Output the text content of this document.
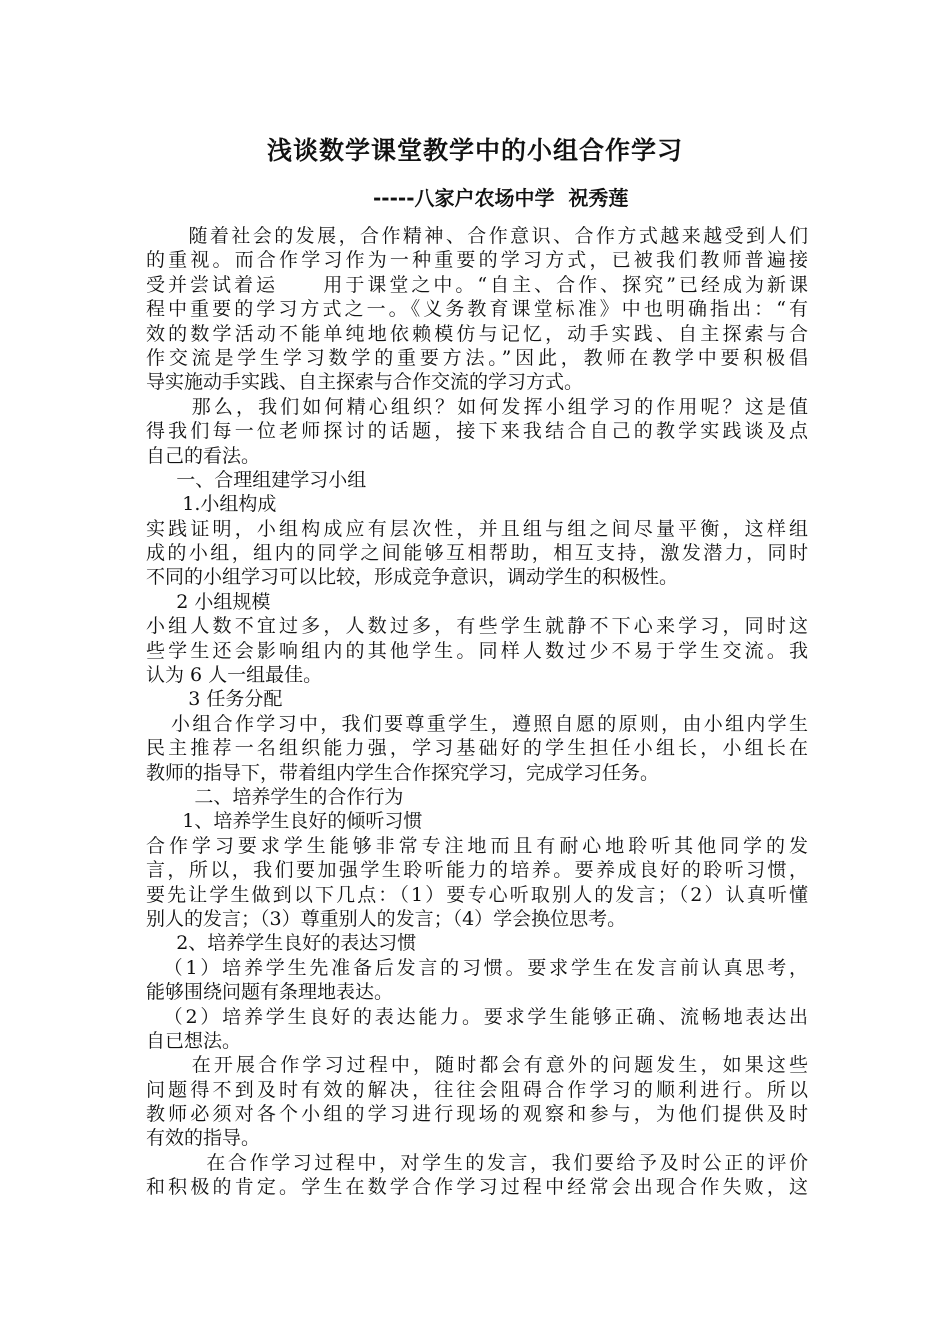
浅谈数学课堂教学中的小组合作学习
-----八家户农场中学  祝秀莲
随着社会的发展，合作精神、合作意识、合作方式越来越受到人们
的重视。而合作学习作为一种重要的学习方式，已被我们教师普遍接
受并尝试着运     用于课堂之中。“自主、合作、探究”已经成为新课
程中重要的学习方式之一。《义务教育课堂标准》中也明确指出：“有
效的数学活动不能单纯地依赖模仿与记忆，动手实践、自主探索与合
作交流是学生学习数学的重要方法。”因此，教师在教学中要积极倡
导实施动手实践、自主探索与合作交流的学习方式。
那么，我们如何精心组织？如何发挥小组学习的作用呢？这是值
得我们每一位老师探讨的话题，接下来我结合自己的教学实践谈及点
自己的看法。
一、合理组建学习小组
1.小组构成
实践证明，小组构成应有层次性，并且组与组之间尽量平衡，这样组
成的小组，组内的同学之间能够互相帮助，相互支持，激发潜力，同时
不同的小组学习可以比较，形成竞争意识，调动学生的积极性。
2 小组规模
小组人数不宜过多，人数过多，有些学生就静不下心来学习，同时这
些学生还会影响组内的其他学生。同样人数过少不易于学生交流。我
认为 6 人一组最佳。
3 任务分配
小组合作学习中，我们要尊重学生，遵照自愿的原则，由小组内学生
民主推荐一名组织能力强，学习基础好的学生担任小组长，小组长在
教师的指导下，带着组内学生合作探究学习，完成学习任务。
二、培养学生的合作行为
1、培养学生良好的倾听习惯
合作学习要求学生能够非常专注地而且有耐心地聆听其他同学的发
言，所以，我们要加强学生聆听能力的培养。要养成良好的聆听习惯，
要先让学生做到以下几点：（1）要专心听取别人的发言；（2）认真听懂
别人的发言；（3）尊重别人的发言；（4）学会换位思考。
2、培养学生良好的表达习惯
（1）培养学生先准备后发言的习惯。要求学生在发言前认真思考，
能够围绕问题有条理地表达。
（2）培养学生良好的表达能力。要求学生能够正确、流畅地表达出
自已想法。
在开展合作学习过程中，随时都会有意外的问题发生，如果这些
问题得不到及时有效的解决，往往会阻碍合作学习的顺利进行。所以
教师必须对各个小组的学习进行现场的观察和参与，为他们提供及时
有效的指导。
在合作学习过程中，对学生的发言，我们要给予及时公正的评价
和积极的肯定。学生在数学合作学习过程中经常会出现合作失败，这
